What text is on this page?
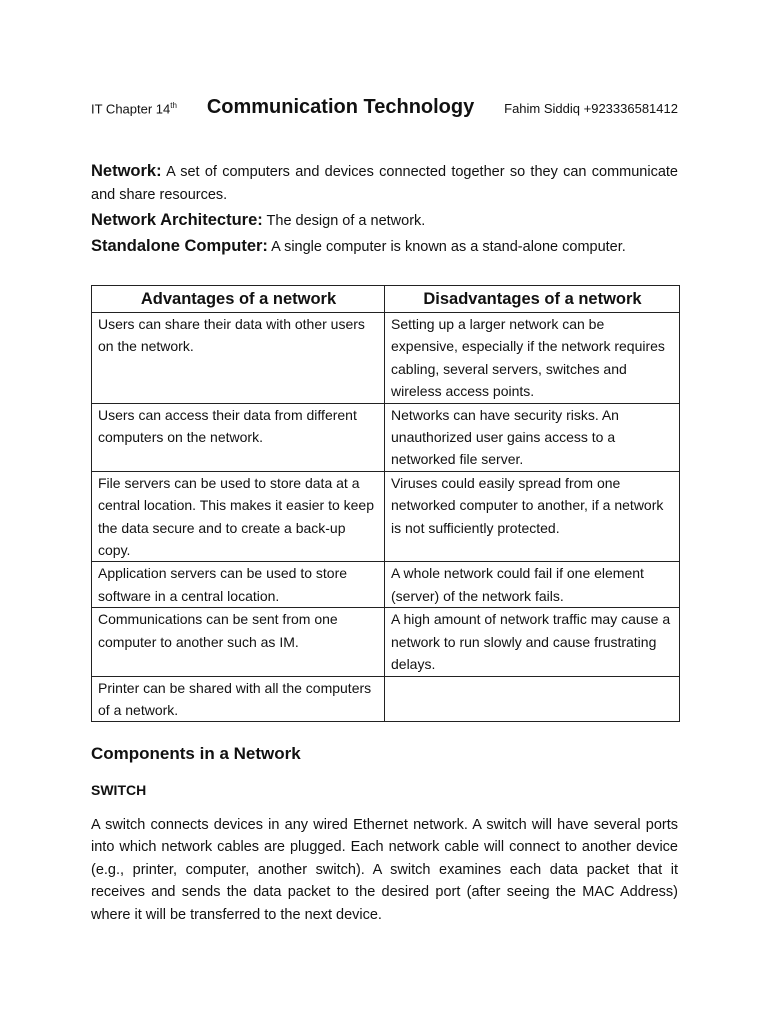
IT Chapter 14th Communication Technology Fahim Siddiq +923336581412

Network: A set of computers and devices connected together so they can communicate and share resources.

Network Architecture: The design of a network.

Standalone Computer: A single computer is known as a stand-alone computer.

Advantages of a network	Disadvantages of a network
Users can share their data with other users on the network.	Setting up a larger network can be expensive, especially if the network requires cabling, several servers, switches and wireless access points.
Users can access their data from different computers on the network.	Networks can have security risks. An unauthorized user gains access to a networked file server.
File servers can be used to store data at a central location. This makes it easier to keep the data secure and to create a back-up copy.	Viruses could easily spread from one networked computer to another, if a network is not sufficiently protected.
Application servers can be used to store software in a central location.	A whole network could fail if one element (server) of the network fails.
Communications can be sent from one computer to another such as IM.	A high amount of network traffic may cause a network to run slowly and cause frustrating delays.
Printer can be shared with all the computers of a network.	

Components in a Network

SWITCH

A switch connects devices in any wired Ethernet network. A switch will have several ports into which network cables are plugged. Each network cable will connect to another device (e.g., printer, computer, another switch). A switch examines each data packet that it receives and sends the data packet to the desired port (after seeing the MAC Address) where it will be transferred to the next device.
